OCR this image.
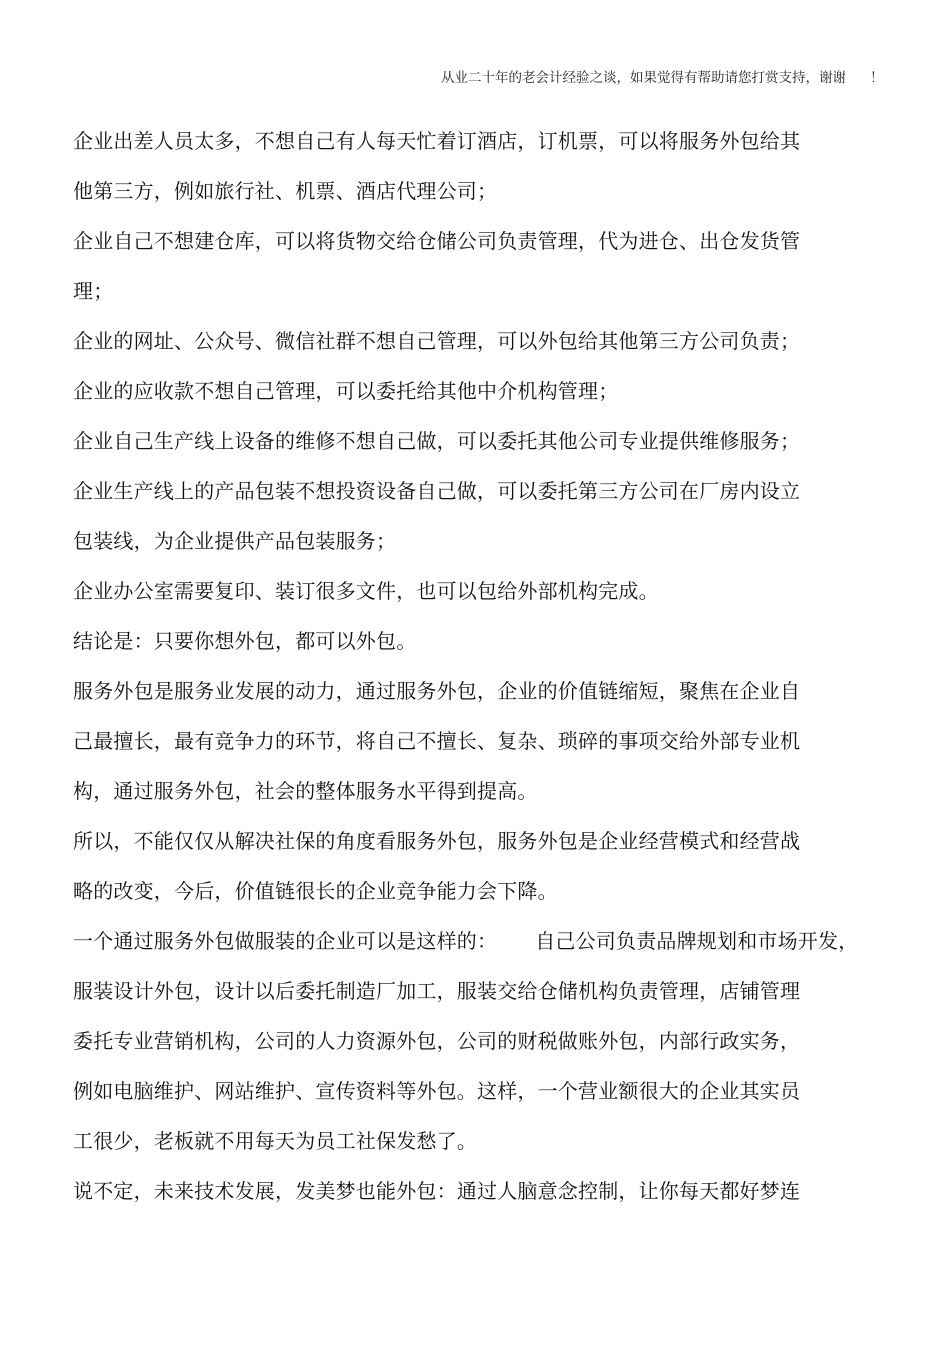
从业二十年的老会计经验之谈，如果觉得有帮助请您打赏支持，谢谢 ！
企业出差人员太多，不想自己有人每天忙着订酒店，订机票，可以将服务外包给其
他第三方，例如旅行社、机票、酒店代理公司；
企业自己不想建仓库，可以将货物交给仓储公司负责管理，代为进仓、出仓发货管
理；
企业的网址、公众号、微信社群不想自己管理，可以外包给其他第三方公司负责；
企业的应收款不想自己管理，可以委托给其他中介机构管理；
企业自己生产线上设备的维修不想自己做，可以委托其他公司专业提供维修服务；
企业生产线上的产品包装不想投资设备自己做，可以委托第三方公司在厂房内设立
包装线，为企业提供产品包装服务；
企业办公室需要复印、装订很多文件，也可以包给外部机构完成。
结论是：只要你想外包，都可以外包。
服务外包是服务业发展的动力，通过服务外包，企业的价值链缩短，聚焦在企业自
己最擅长，最有竞争力的环节，将自己不擅长、复杂、琐碎的事项交给外部专业机
构，通过服务外包，社会的整体服务水平得到提高。
所以，不能仅仅从解决社保的角度看服务外包，服务外包是企业经营模式和经营战
略的改变，今后，价值链很长的企业竞争能力会下降。
一个通过服务外包做服装的企业可以是这样的： 自己公司负责品牌规划和市场开发，
服装设计外包，设计以后委托制造厂加工，服装交给仓储机构负责管理，店铺管理
委托专业营销机构，公司的人力资源外包，公司的财税做账外包，内部行政实务，
例如电脑维护、网站维护、宣传资料等外包。这样，一个营业额很大的企业其实员
工很少，老板就不用每天为员工社保发愁了。
说不定，未来技术发展，发美梦也能外包：通过人脑意念控制，让你每天都好梦连
